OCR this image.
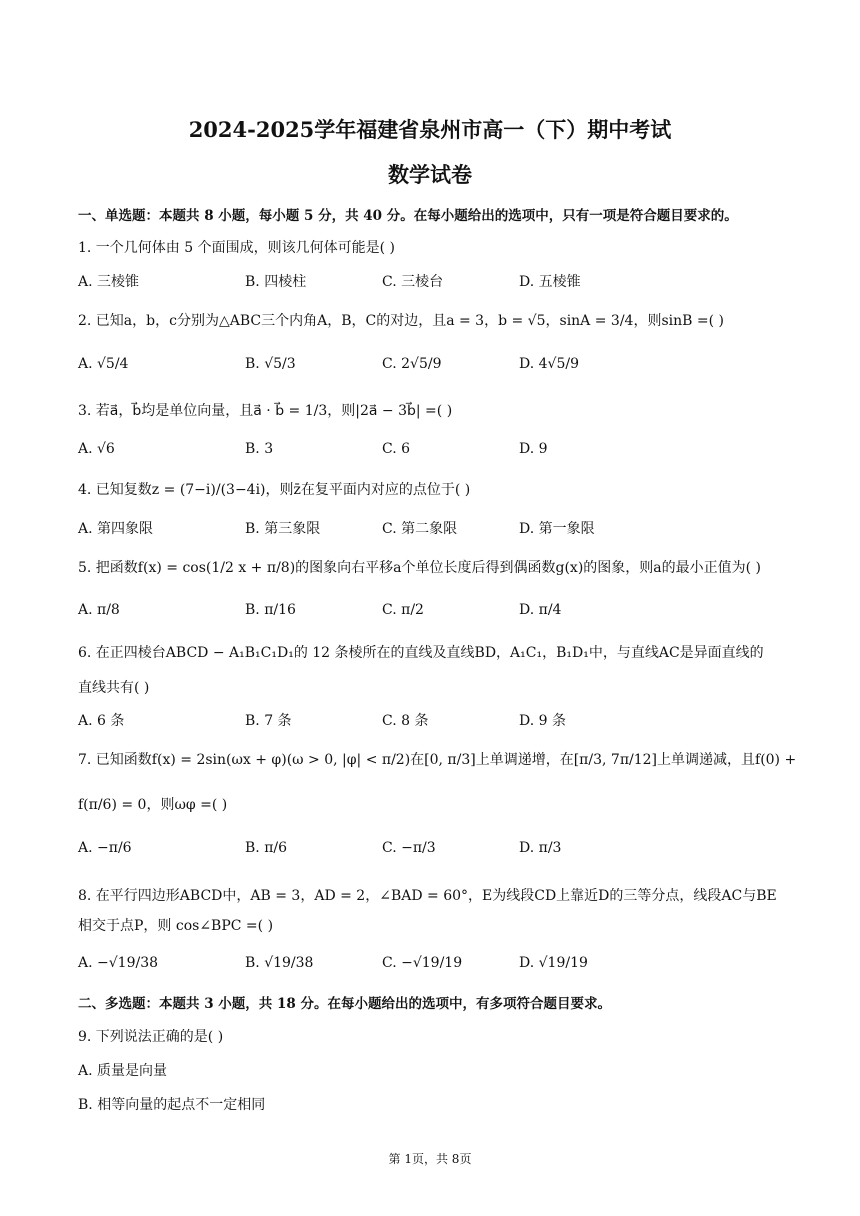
2024-2025学年福建省泉州市高一（下）期中考试
数学试卷
一、单选题：本题共 8 小题，每小题 5 分，共 40 分。在每小题给出的选项中，只有一项是符合题目要求的。
1. 一个几何体由 5 个面围成，则该几何体可能是( )
A. 三棱锥	B. 四棱柱	C. 三棱台	D. 五棱锥
2. 已知a，b，c分别为△ABC三个内角A，B，C的对边，且a = 3，b = √5，sinA = 3/4，则sinB =( )
A. √5/4	B. √5/3	C. 2√5/9	D. 4√5/9
3. 若a⃗，b⃗均是单位向量，且a⃗ · b⃗ = 1/3，则|2a⃗ − 3b⃗| =( )
A. √6	B. 3	C. 6	D. 9
4. 已知复数z = (7−i)/(3−4i)，则z̄在复平面内对应的点位于( )
A. 第四象限	B. 第三象限	C. 第二象限	D. 第一象限
5. 把函数f(x) = cos(1/2 x + π/8)的图象向右平移a个单位长度后得到偶函数g(x)的图象，则a的最小正值为( )
A. π/8	B. π/16	C. π/2	D. π/4
6. 在正四棱台ABCD − A₁B₁C₁D₁的 12 条棱所在的直线及直线BD，A₁C₁，B₁D₁中，与直线AC是异面直线的
直线共有( )
A. 6 条	B. 7 条	C. 8 条	D. 9 条
7. 已知函数f(x) = 2sin(ωx + φ)(ω > 0, |φ| < π/2)在[0, π/3]上单调递增，在[π/3, 7π/12]上单调递减，且f(0) +
f(π/6) = 0，则ωφ =( )
A. −π/6	B. π/6	C. −π/3	D. π/3
8. 在平行四边形ABCD中，AB = 3，AD = 2，∠BAD = 60°，E为线段CD上靠近D的三等分点，线段AC与BE
相交于点P，则 cos∠BPC =( )
A. −√19/38	B. √19/38	C. −√19/19	D. √19/19
二、多选题：本题共 3 小题，共 18 分。在每小题给出的选项中，有多项符合题目要求。
9. 下列说法正确的是( )
A. 质量是向量
B. 相等向量的起点不一定相同
第 1页，共 8页
